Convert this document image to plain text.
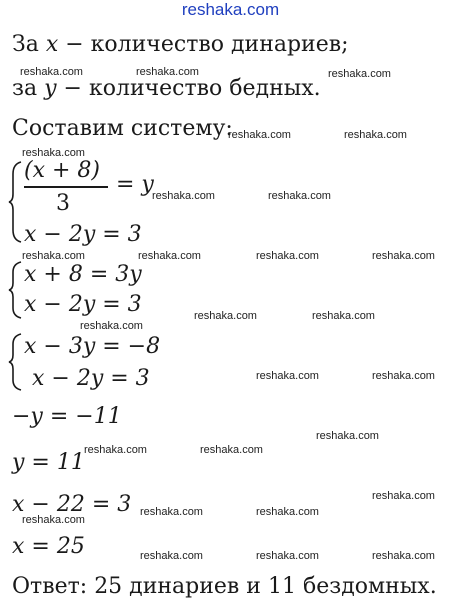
reshaka.com
За x − количество динариев;
за y − количество бедных.
Составим систему:
(x + 8)
3
= y
x − 2y = 3
x + 8 = 3y
x − 2y = 3
x − 3y = −8
x − 2y = 3
−y = −11
y = 11
x − 22 = 3
x = 25
Ответ: 25 динариев и 11 бездомных.
reshaka.com	reshaka.com	reshaka.com
reshaka.com	reshaka.com
reshaka.com
reshaka.com	reshaka.com
reshaka.com	reshaka.com	reshaka.com	reshaka.com
reshaka.com	reshaka.com
reshaka.com
reshaka.com	reshaka.com
reshaka.com
reshaka.com	reshaka.com
reshaka.com
reshaka.com	reshaka.com
reshaka.com
reshaka.com	reshaka.com	reshaka.com
